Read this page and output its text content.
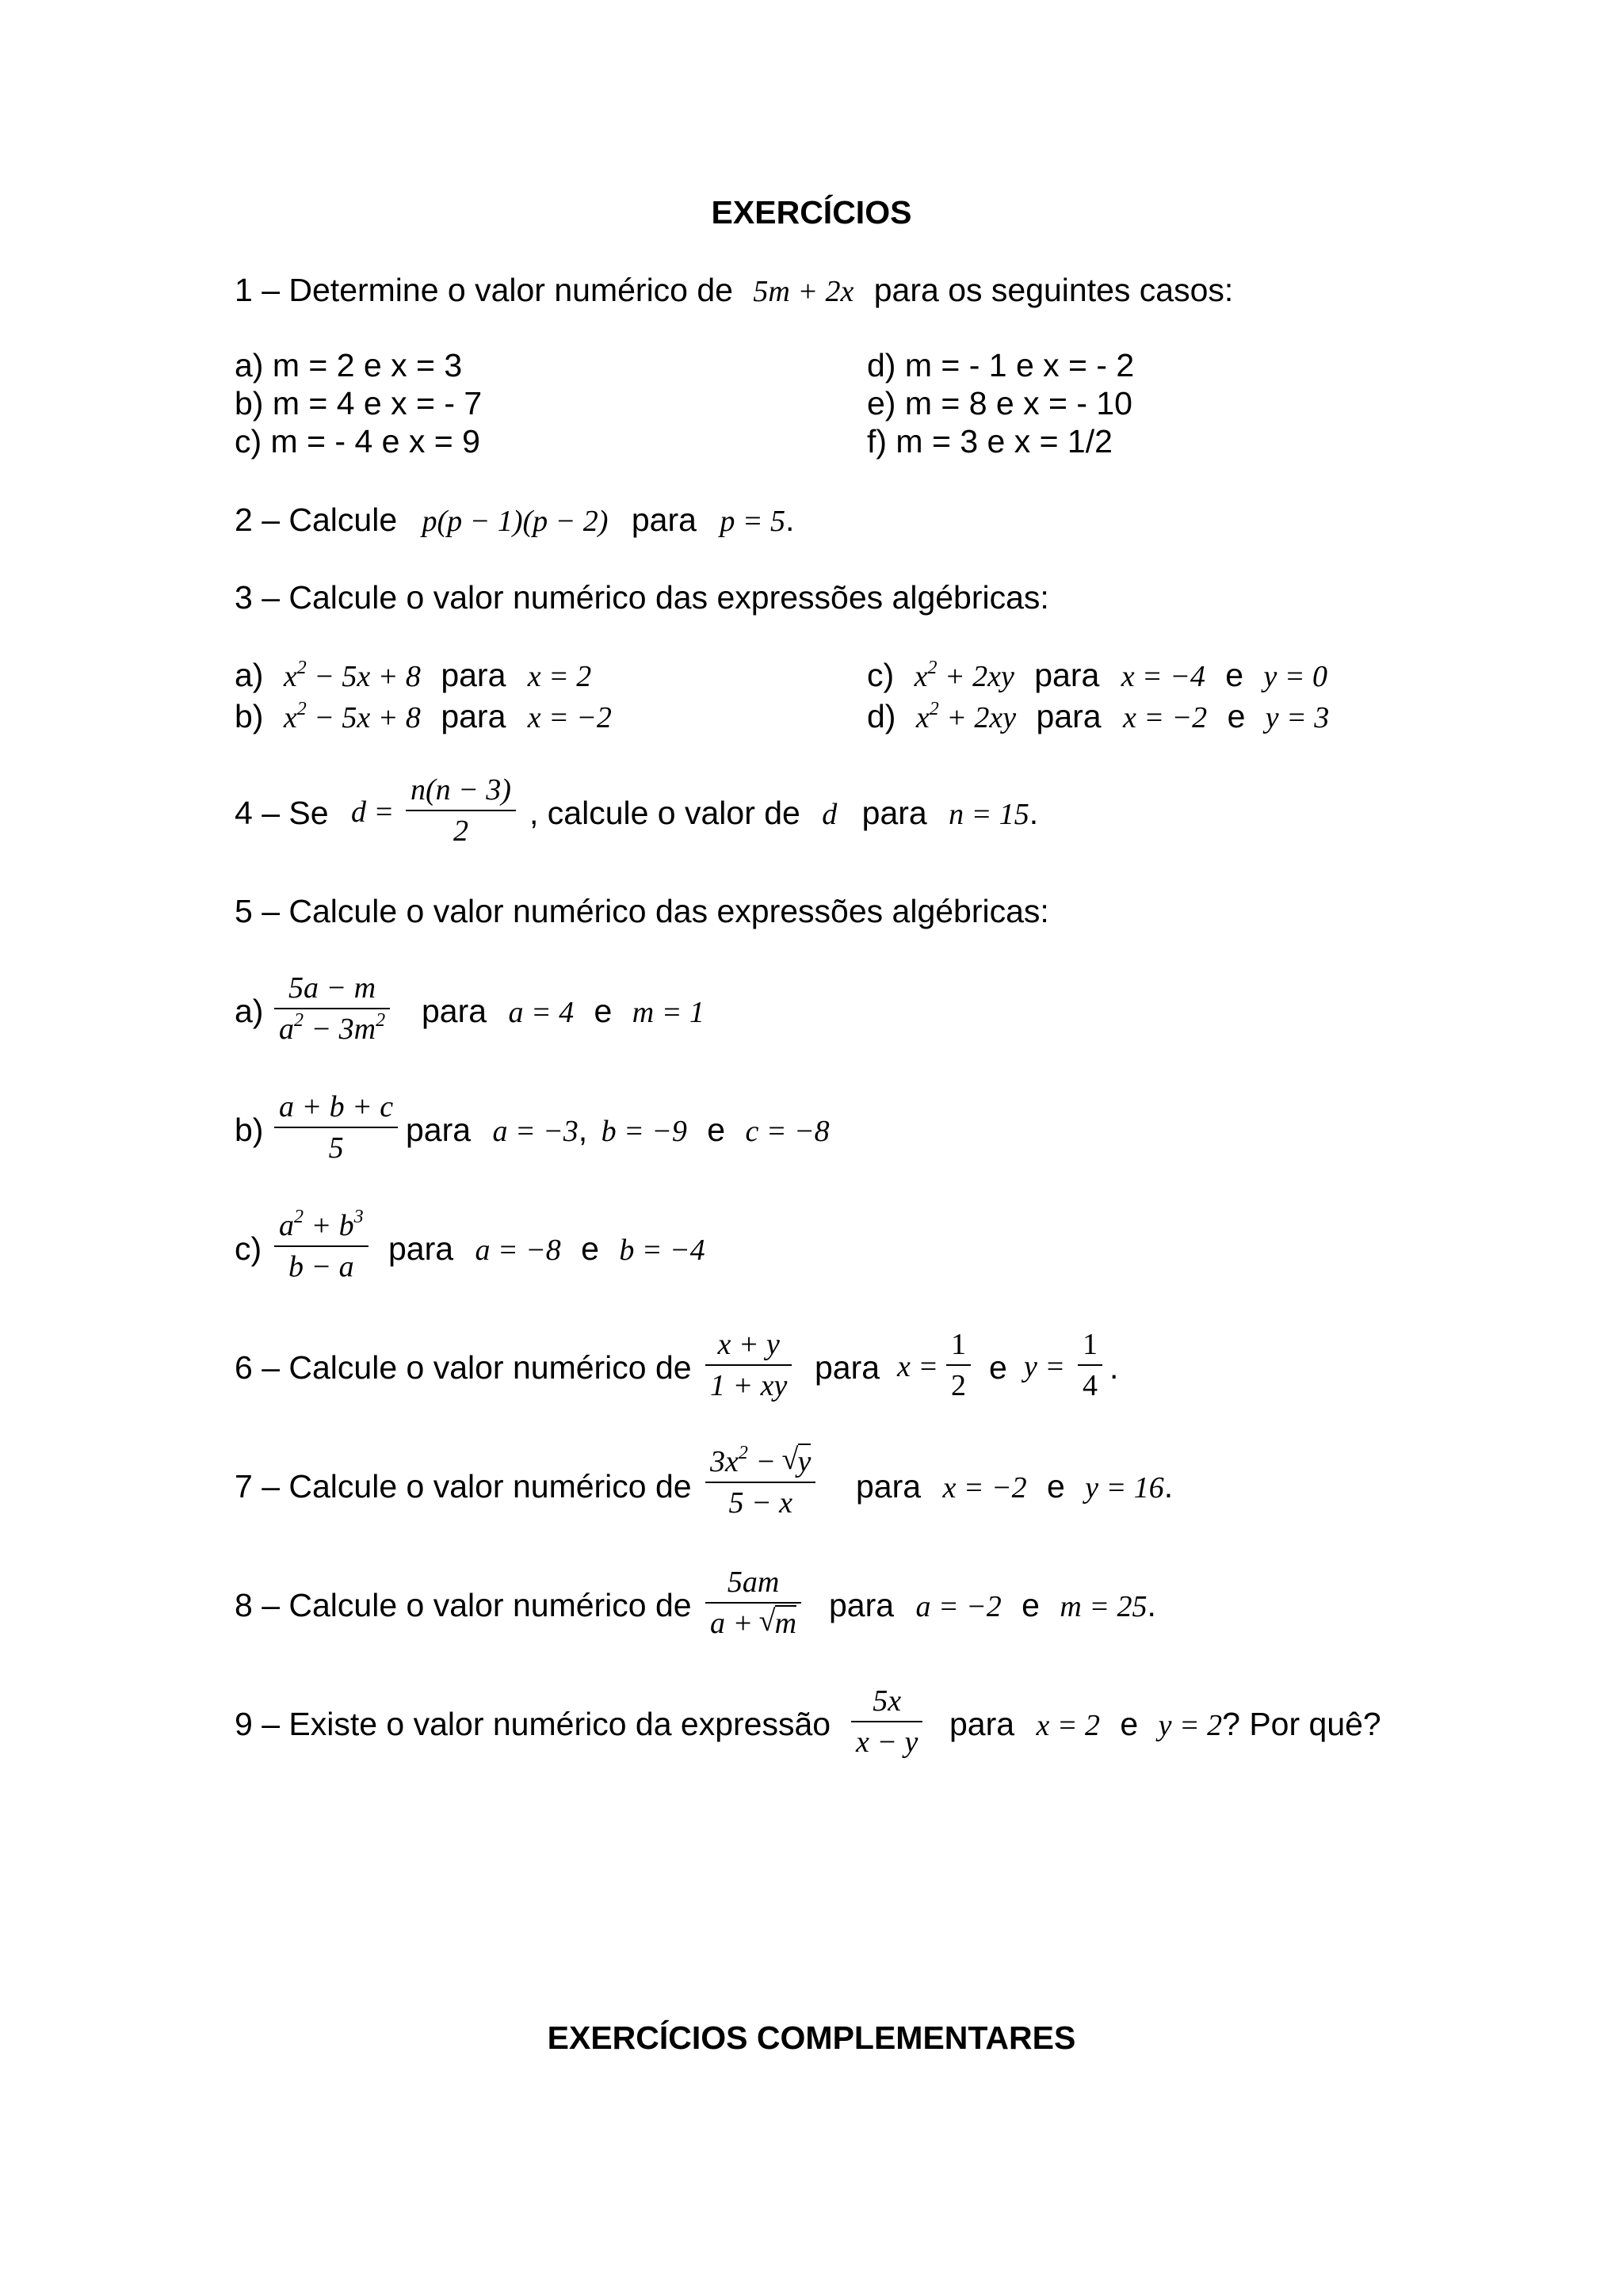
EXERCÍCIOS
1 – Determine o valor numérico de 5m + 2x para os seguintes casos:
a) m = 2 e x = 3
b) m = 4 e x = - 7
c) m = - 4 e x = 9
d) m = - 1 e x = - 2
e) m = 8 e x = - 10
f) m = 3 e x = 1/2
2 – Calcule p(p − 1)(p − 2) para p = 5.
3 – Calcule o valor numérico das expressões algébricas:
a) $x^2 - 5x + 8$ para x = 2
b) $x^2 - 5x + 8$ para x = −2
c) $x^2 + 2xy$ para x = −4 e y = 0
d) $x^2 + 2xy$ para x = −2 e y = 3
4 – Se d =
n(n − 3)
2 , calcule o valor de d para n = 15.
5 – Calcule o valor numérico das expressões algébricas:
a)
5a − m
$a^2 - 3m^2$ para a = 4 e m = 1
b)
a + b + c
5 para a = −3, b = −9 e c = −8
c)
$a^2 + b^3$
b − a para a = −8 e b = −4
6 – Calcule o valor numérico de
x + y
1 + xy para x =
1
2 e y =
1
4 .
7 – Calcule o valor numérico de
$3x^2$ − √ y
5 − x para x = −2 e y = 16.
8 – Calcule o valor numérico de
5am
a + √ m para a = −2 e m = 25.
9 – Existe o valor numérico da expressão
5x
x − y para x = 2 e y = 2? Por quê?
EXERCÍCIOS COMPLEMENTARES
